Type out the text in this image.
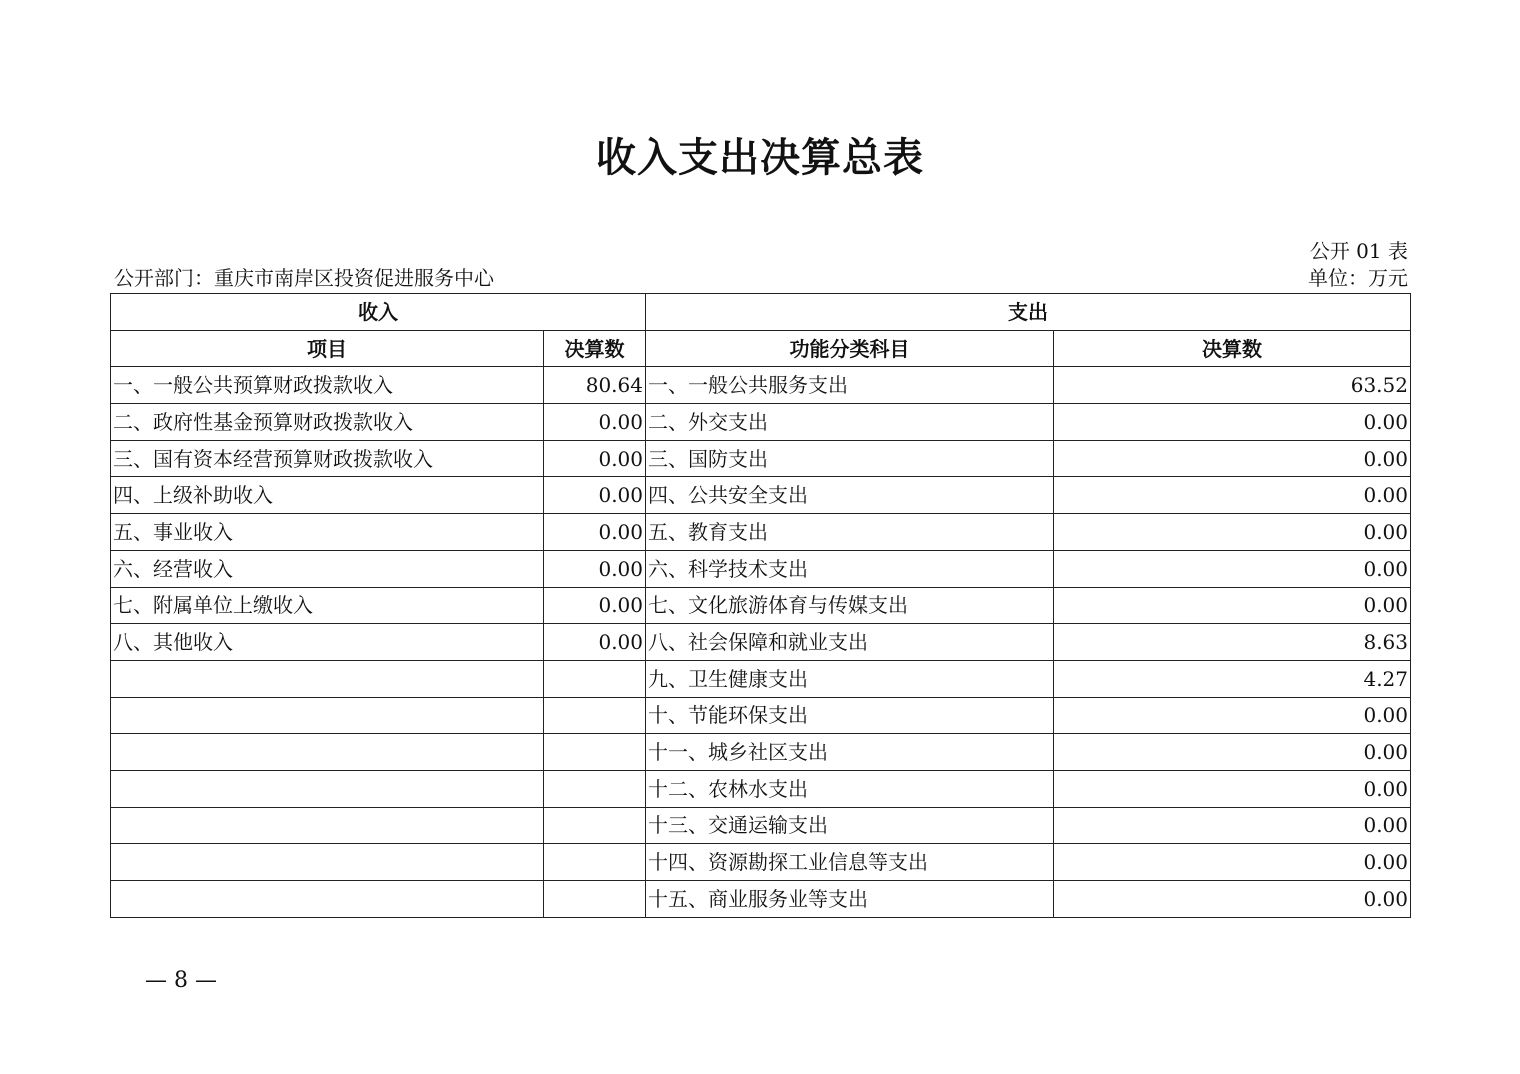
收入支出决算总表
公开 01 表
公开部门：重庆市南岸区投资促进服务中心	单位：万元
收入		支出	
项目	决算数	功能分类科目	决算数
一、一般公共预算财政拨款收入	80.64	一、一般公共服务支出	63.52
二、政府性基金预算财政拨款收入	0.00	二、外交支出	0.00
三、国有资本经营预算财政拨款收入	0.00	三、国防支出	0.00
四、上级补助收入	0.00	四、公共安全支出	0.00
五、事业收入	0.00	五、教育支出	0.00
六、经营收入	0.00	六、科学技术支出	0.00
七、附属单位上缴收入	0.00	七、文化旅游体育与传媒支出	0.00
八、其他收入	0.00	八、社会保障和就业支出	8.63
		九、卫生健康支出	4.27
		十、节能环保支出	0.00
		十一、城乡社区支出	0.00
		十二、农林水支出	0.00
		十三、交通运输支出	0.00
		十四、资源勘探工业信息等支出	0.00
		十五、商业服务业等支出	0.00
— 8 —
